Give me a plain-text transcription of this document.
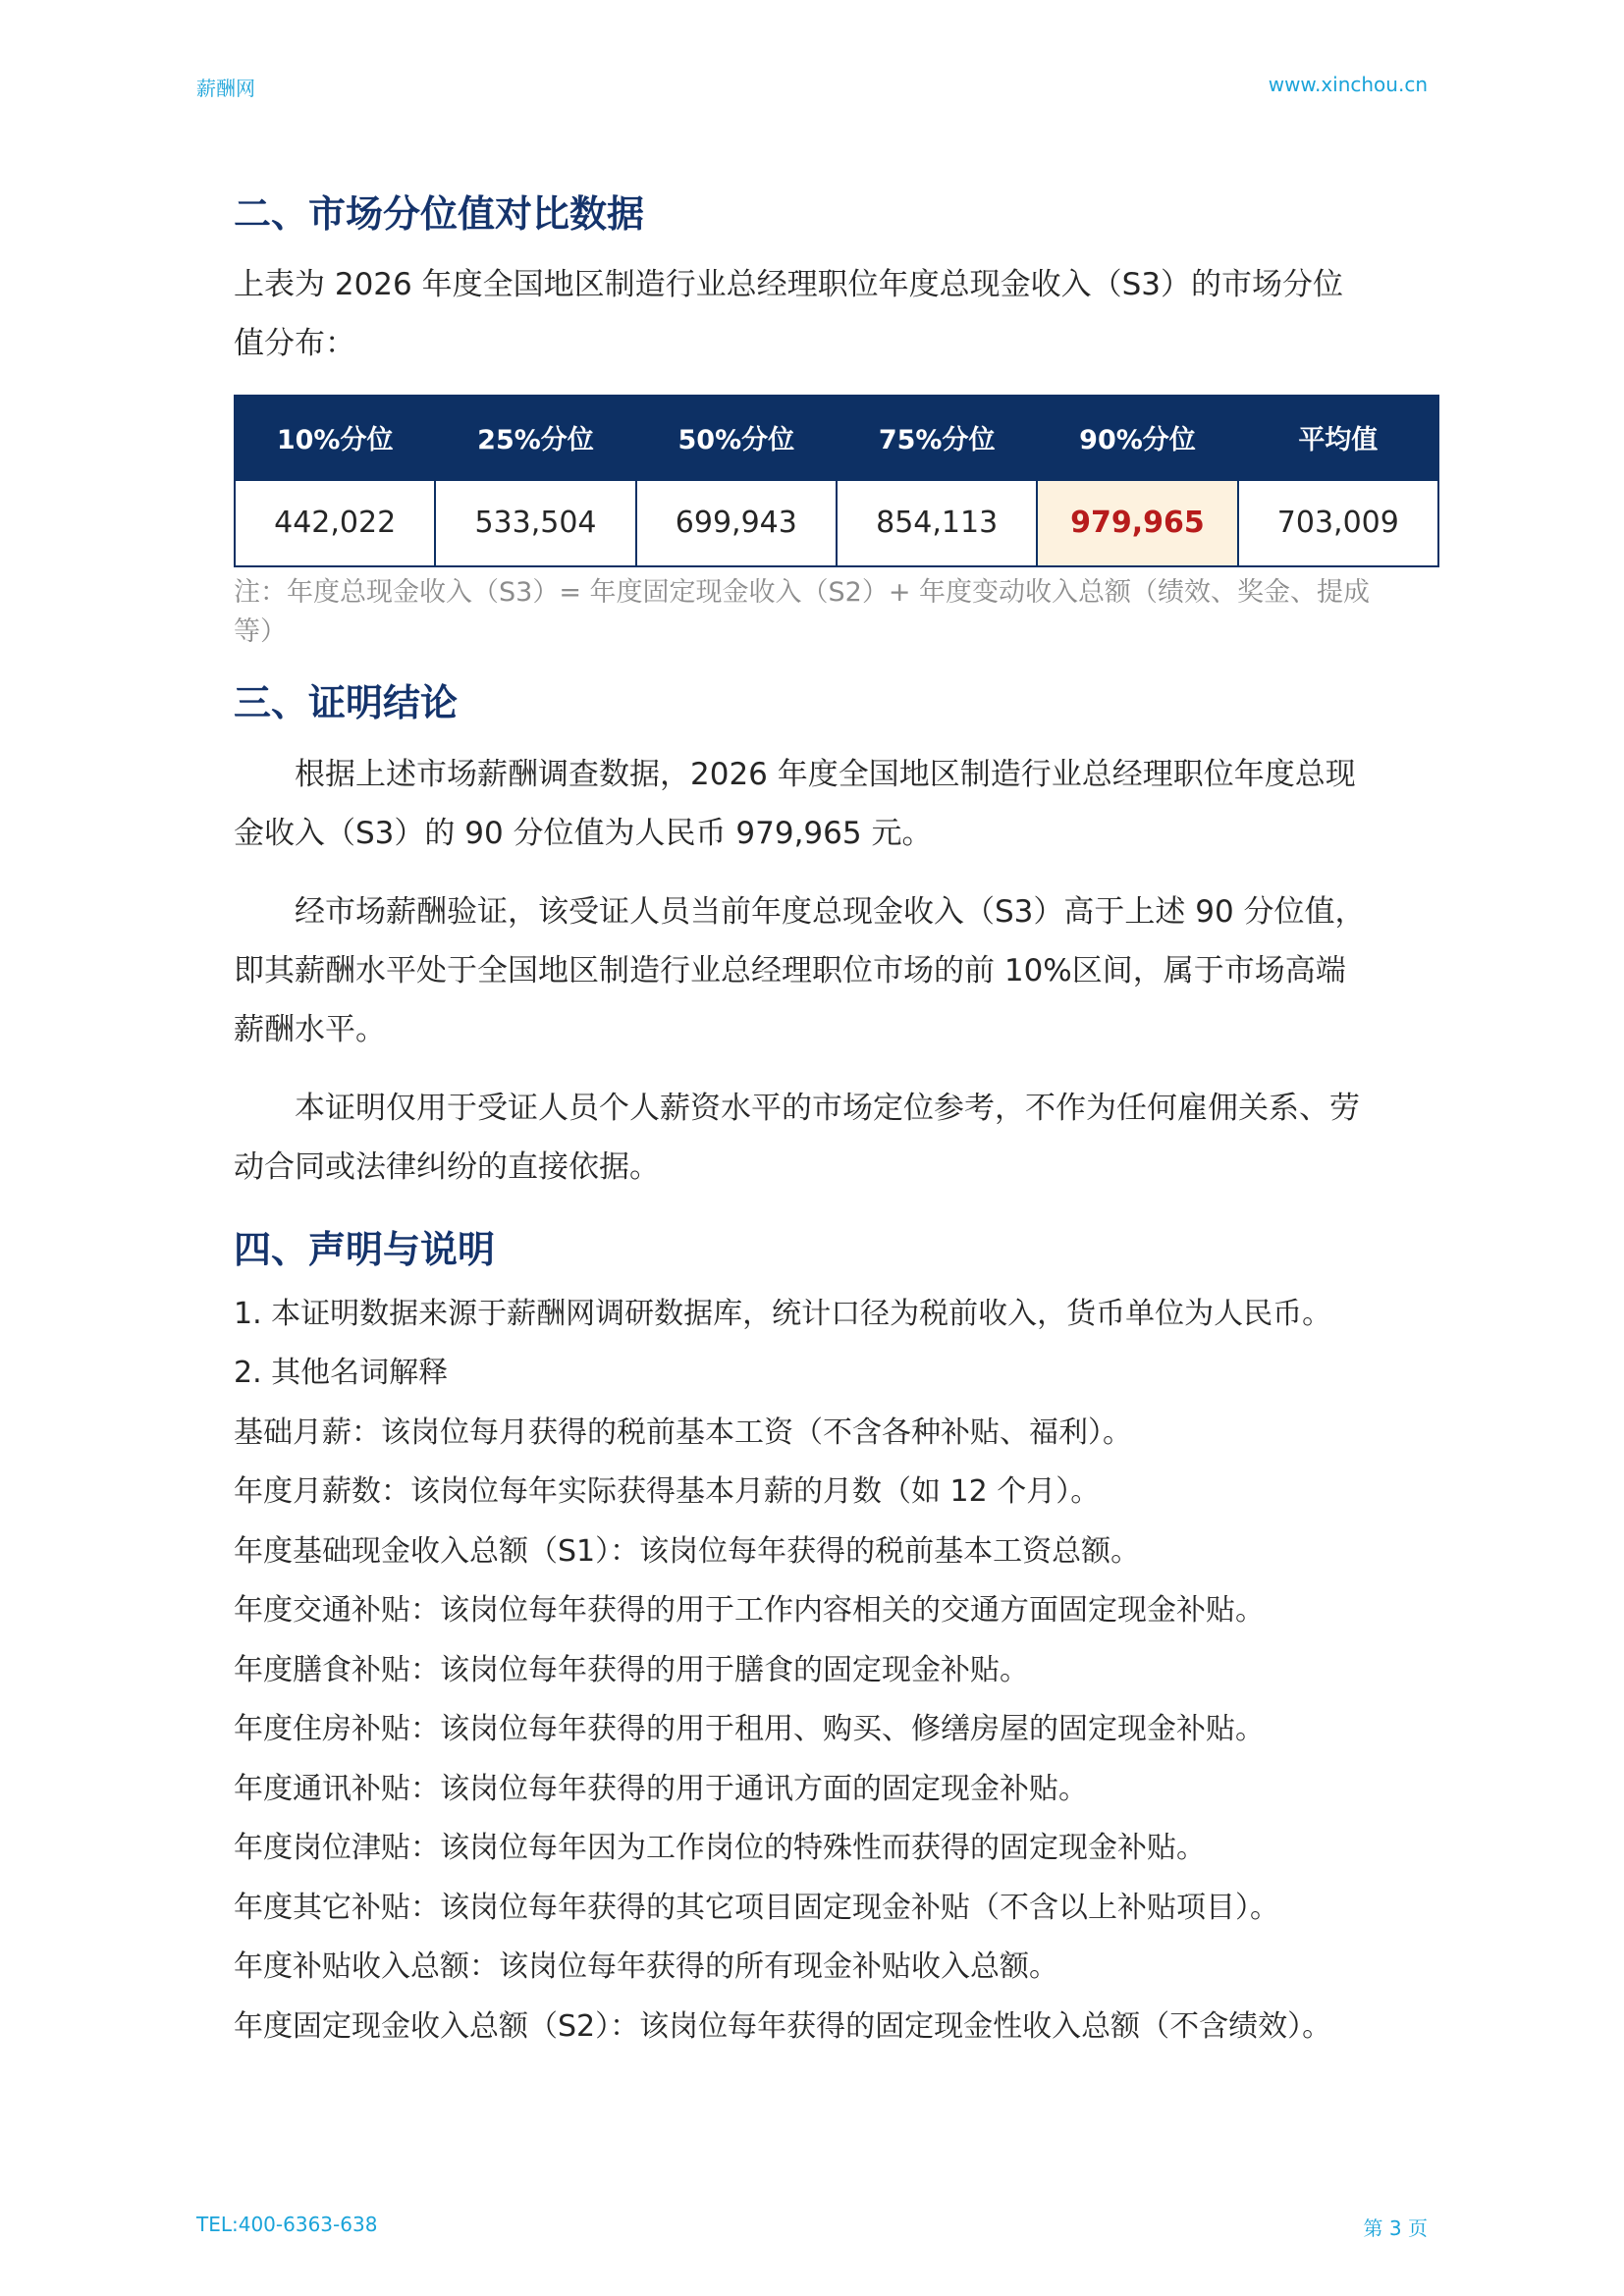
薪酬网	www.xinchou.cn
二、市场分位值对比数据

上表为 2026 年度全国地区制造行业总经理职位年度总现金收入（S3）的市场分位

值分布：

10%分位	25%分位	50%分位	75%分位	90%分位	平均值
442,022	533,504	699,943	854,113	979,965	703,009

注：年度总现金收入（S3）= 年度固定现金收入（S2）+ 年度变动收入总额（绩效、奖金、提成

等）

三、证明结论

根据上述市场薪酬调查数据，2026 年度全国地区制造行业总经理职位年度总现

金收入（S3）的 90 分位值为人民币 979,965 元。

经市场薪酬验证，该受证人员当前年度总现金收入（S3）高于上述 90 分位值，

即其薪酬水平处于全国地区制造行业总经理职位市场的前 10%区间，属于市场高端

薪酬水平。

本证明仅用于受证人员个人薪资水平的市场定位参考，不作为任何雇佣关系、劳

动合同或法律纠纷的直接依据。

四、声明与说明

1. 本证明数据来源于薪酬网调研数据库，统计口径为税前收入，货币单位为人民币。

2. 其他名词解释

基础月薪：该岗位每月获得的税前基本工资（不含各种补贴、福利）。

年度月薪数：该岗位每年实际获得基本月薪的月数（如 12 个月）。

年度基础现金收入总额（S1）：该岗位每年获得的税前基本工资总额。

年度交通补贴：该岗位每年获得的用于工作内容相关的交通方面固定现金补贴。

年度膳食补贴：该岗位每年获得的用于膳食的固定现金补贴。

年度住房补贴：该岗位每年获得的用于租用、购买、修缮房屋的固定现金补贴。

年度通讯补贴：该岗位每年获得的用于通讯方面的固定现金补贴。

年度岗位津贴：该岗位每年因为工作岗位的特殊性而获得的固定现金补贴。

年度其它补贴：该岗位每年获得的其它项目固定现金补贴（不含以上补贴项目）。

年度补贴收入总额：该岗位每年获得的所有现金补贴收入总额。

年度固定现金收入总额（S2）：该岗位每年获得的固定现金性收入总额（不含绩效）。

TEL:400-6363-638	第 3 页
